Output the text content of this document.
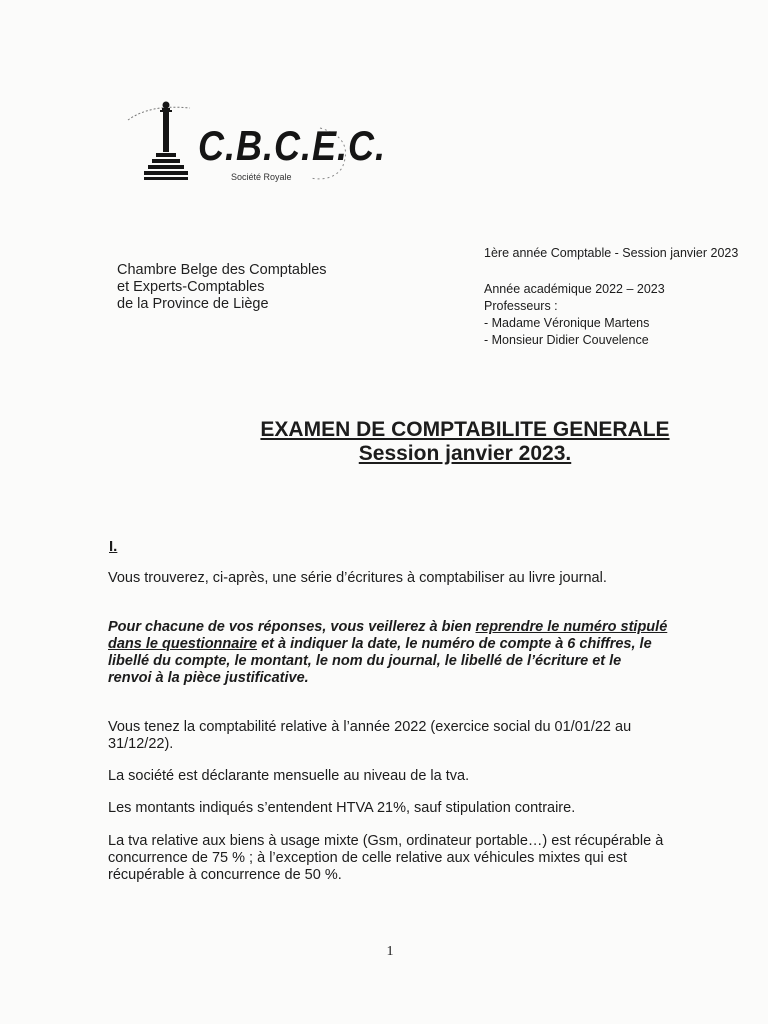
C.B.C.E.C.
Société Royale
Chambre Belge des Comptables
et Experts-Comptables
de la Province de Liège
1ère année Comptable - Session janvier 2023
Année académique 2022 – 2023
Professeurs :
- Madame Véronique Martens
- Monsieur Didier Couvelence
EXAMEN DE COMPTABILITE GENERALE
Session janvier 2023.
I.
Vous trouverez, ci-après, une série d’écritures à comptabiliser au livre journal.
Pour chacune de vos réponses, vous veillerez à bien reprendre le numéro stipulé dans le questionnaire et à indiquer la date, le numéro de compte à 6 chiffres, le libellé du compte, le montant, le nom du journal, le libellé de l’écriture et le renvoi à la pièce justificative.
Vous tenez la comptabilité relative à l’année 2022 (exercice social du 01/01/22 au 31/12/22).
La société est déclarante mensuelle au niveau de la tva.
Les montants indiqués s’entendent HTVA 21%, sauf stipulation contraire.
La tva relative aux biens à usage mixte (Gsm, ordinateur portable…) est récupérable à concurrence de 75 % ; à l’exception de celle relative aux véhicules mixtes qui est récupérable à concurrence de 50 %.
1
